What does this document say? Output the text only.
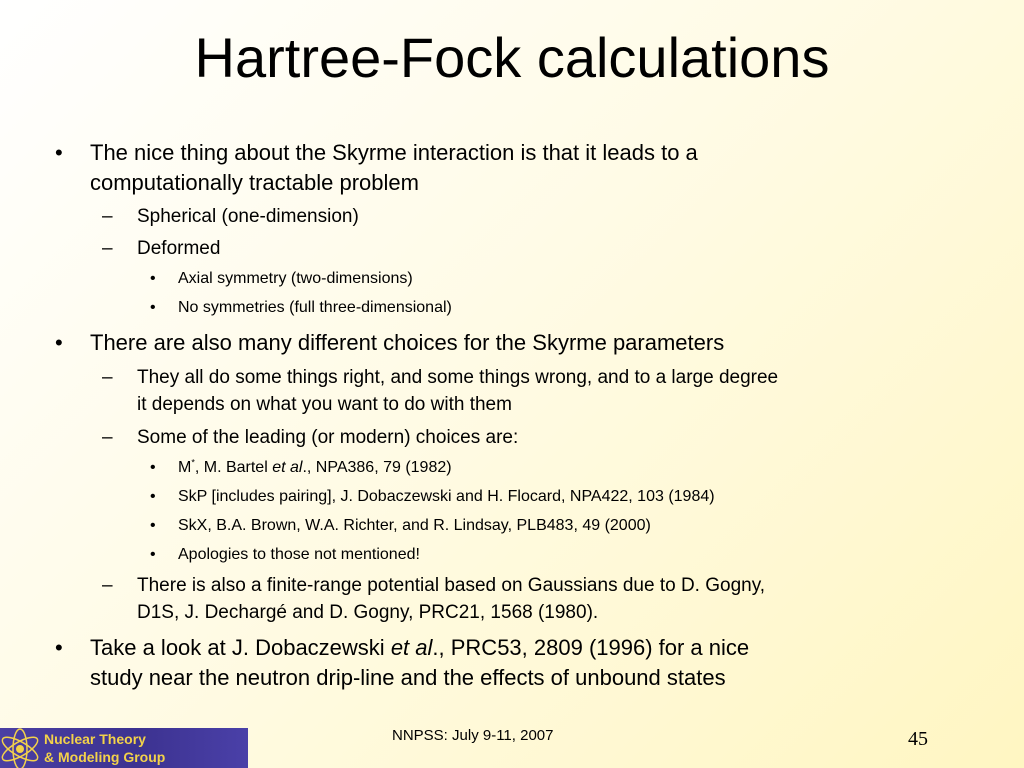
Hartree-Fock calculations
• The nice thing about the Skyrme interaction is that it leads to a
computationally tractable problem
– Spherical (one-dimension)
– Deformed
• Axial symmetry (two-dimensions)
• No symmetries (full three-dimensional)
• There are also many different choices for the Skyrme parameters
– They all do some things right, and some things wrong, and to a large degree
it depends on what you want to do with them
– Some of the leading (or modern) choices are:
• M*, M. Bartel et al., NPA386, 79 (1982)
• SkP [includes pairing], J. Dobaczewski and H. Flocard, NPA422, 103 (1984)
• SkX, B.A. Brown, W.A. Richter, and R. Lindsay, PLB483, 49 (2000)
• Apologies to those not mentioned!
– There is also a finite-range potential based on Gaussians due to D. Gogny,
D1S, J. Dechargé and D. Gogny, PRC21, 1568 (1980).
• Take a look at J. Dobaczewski et al., PRC53, 2809 (1996) for a nice
study near the neutron drip-line and the effects of unbound states
Nuclear Theory
& Modeling Group
NNPSS: July 9-11, 2007	45
